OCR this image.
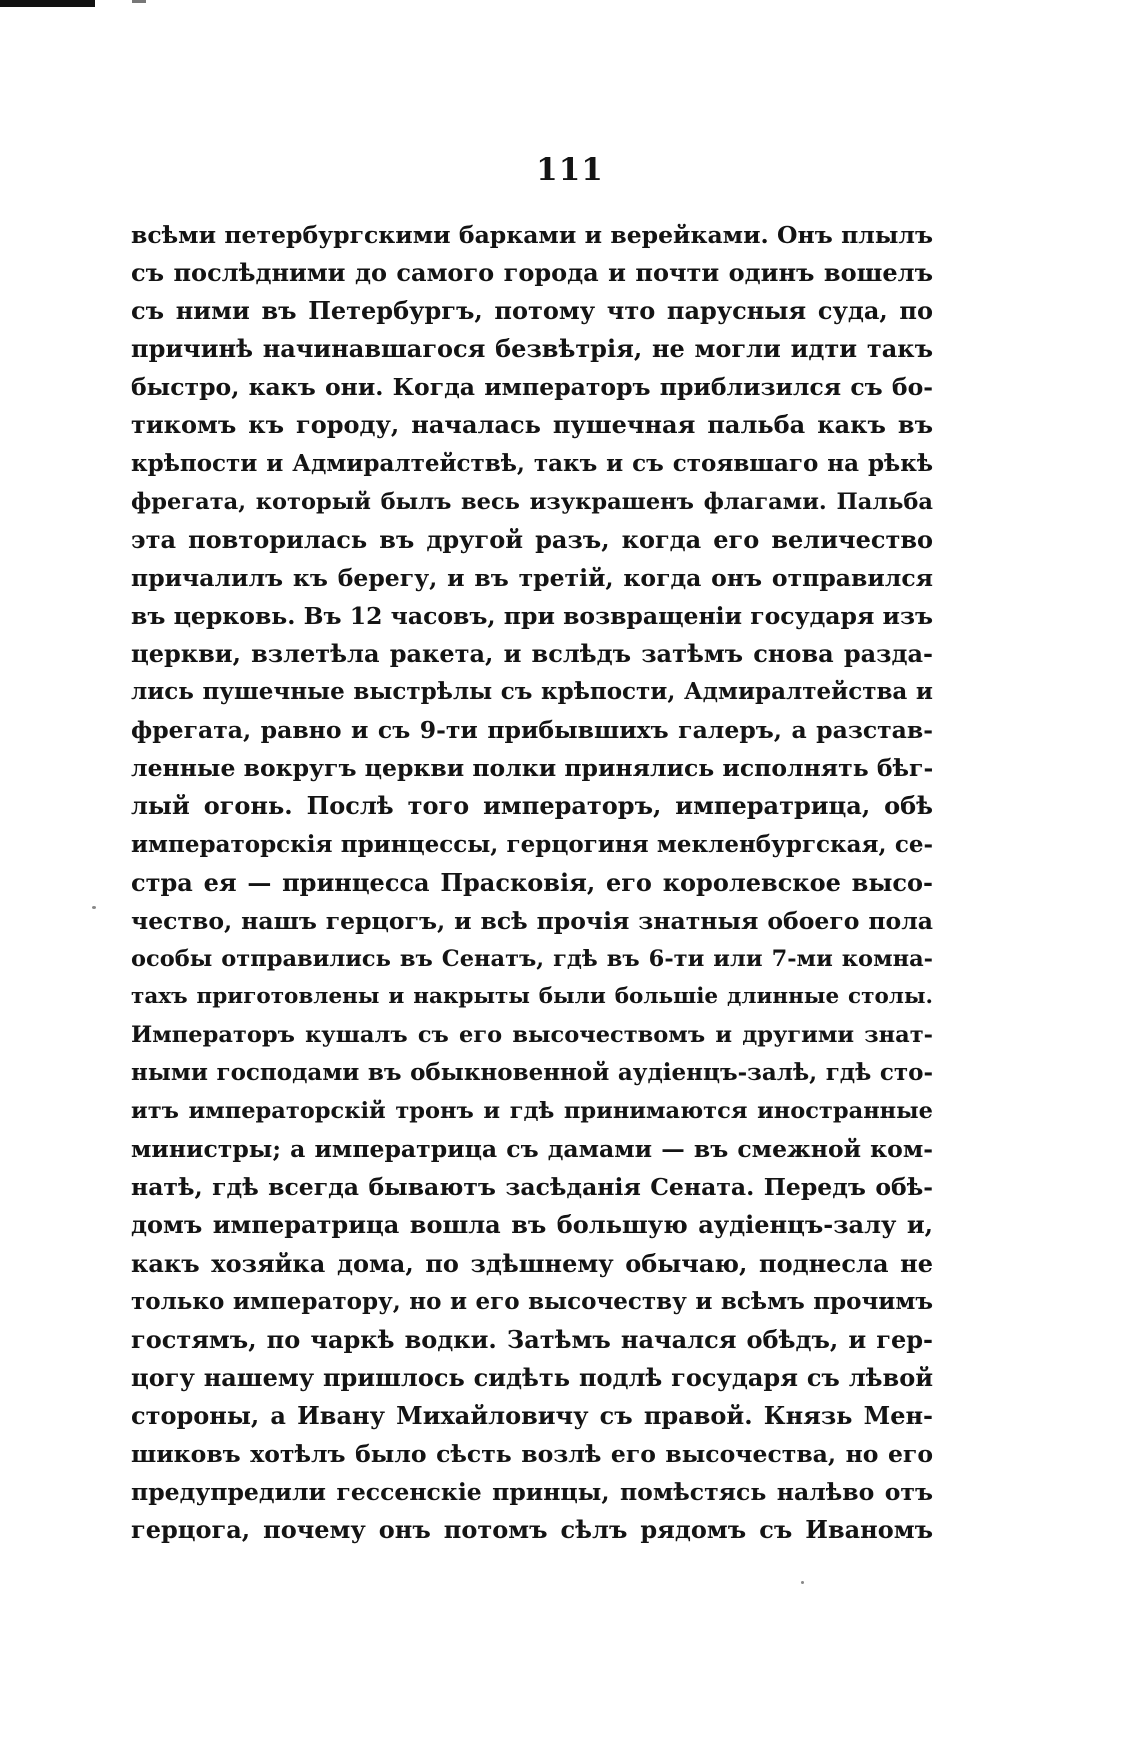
111
всѣми петербургскими барками и верейками. Онъ плылъ
съ послѣдними до самого города и почти одинъ вошелъ
съ ними въ Петербургъ, потому что парусныя суда, по
причинѣ начинавшагося безвѣтрія, не могли идти такъ
быстро, какъ они. Когда императоръ приблизился съ бо-
тикомъ къ городу, началась пушечная пальба какъ въ
крѣпости и Адмиралтействѣ, такъ и съ стоявшаго на рѣкѣ
фрегата, который былъ весь изукрашенъ флагами. Пальба
эта повторилась въ другой разъ, когда его величество
причалилъ къ берегу, и въ третій, когда онъ отправился
въ церковь. Въ 12 часовъ, при возвращеніи государя изъ
церкви, взлетѣла ракета, и вслѣдъ затѣмъ снова разда-
лись пушечные выстрѣлы съ крѣпости, Адмиралтейства и
фрегата, равно и съ 9-ти прибывшихъ галеръ, а разстав-
ленные вокругъ церкви полки принялись исполнять бѣг-
лый огонь. Послѣ того императоръ, императрица, обѣ
императорскія принцессы, герцогиня мекленбургская, се-
стра ея — принцесса Прасковія, его королевское высо-
чество, нашъ герцогъ, и всѣ прочія знатныя обоего пола
особы отправились въ Сенатъ, гдѣ въ 6-ти или 7-ми комна-
тахъ приготовлены и накрыты были большіе длинные столы.
Императоръ кушалъ съ его высочествомъ и другими знат-
ными господами въ обыкновенной аудіенцъ-залѣ, гдѣ сто-
итъ императорскій тронъ и гдѣ принимаются иностранные
министры; а императрица съ дамами — въ смежной ком-
натѣ, гдѣ всегда бываютъ засѣданія Сената. Передъ обѣ-
домъ императрица вошла въ большую аудіенцъ-залу и,
какъ хозяйка дома, по здѣшнему обычаю, поднесла не
только императору, но и его высочеству и всѣмъ прочимъ
гостямъ, по чаркѣ водки. Затѣмъ начался обѣдъ, и гер-
цогу нашему пришлось сидѣть подлѣ государя съ лѣвой
стороны, а Ивану Михайловичу съ правой. Князь Мен-
шиковъ хотѣлъ было сѣсть возлѣ его высочества, но его
предупредили гессенскіе принцы, помѣстясь налѣво отъ
герцога, почему онъ потомъ сѣлъ рядомъ съ Иваномъ
